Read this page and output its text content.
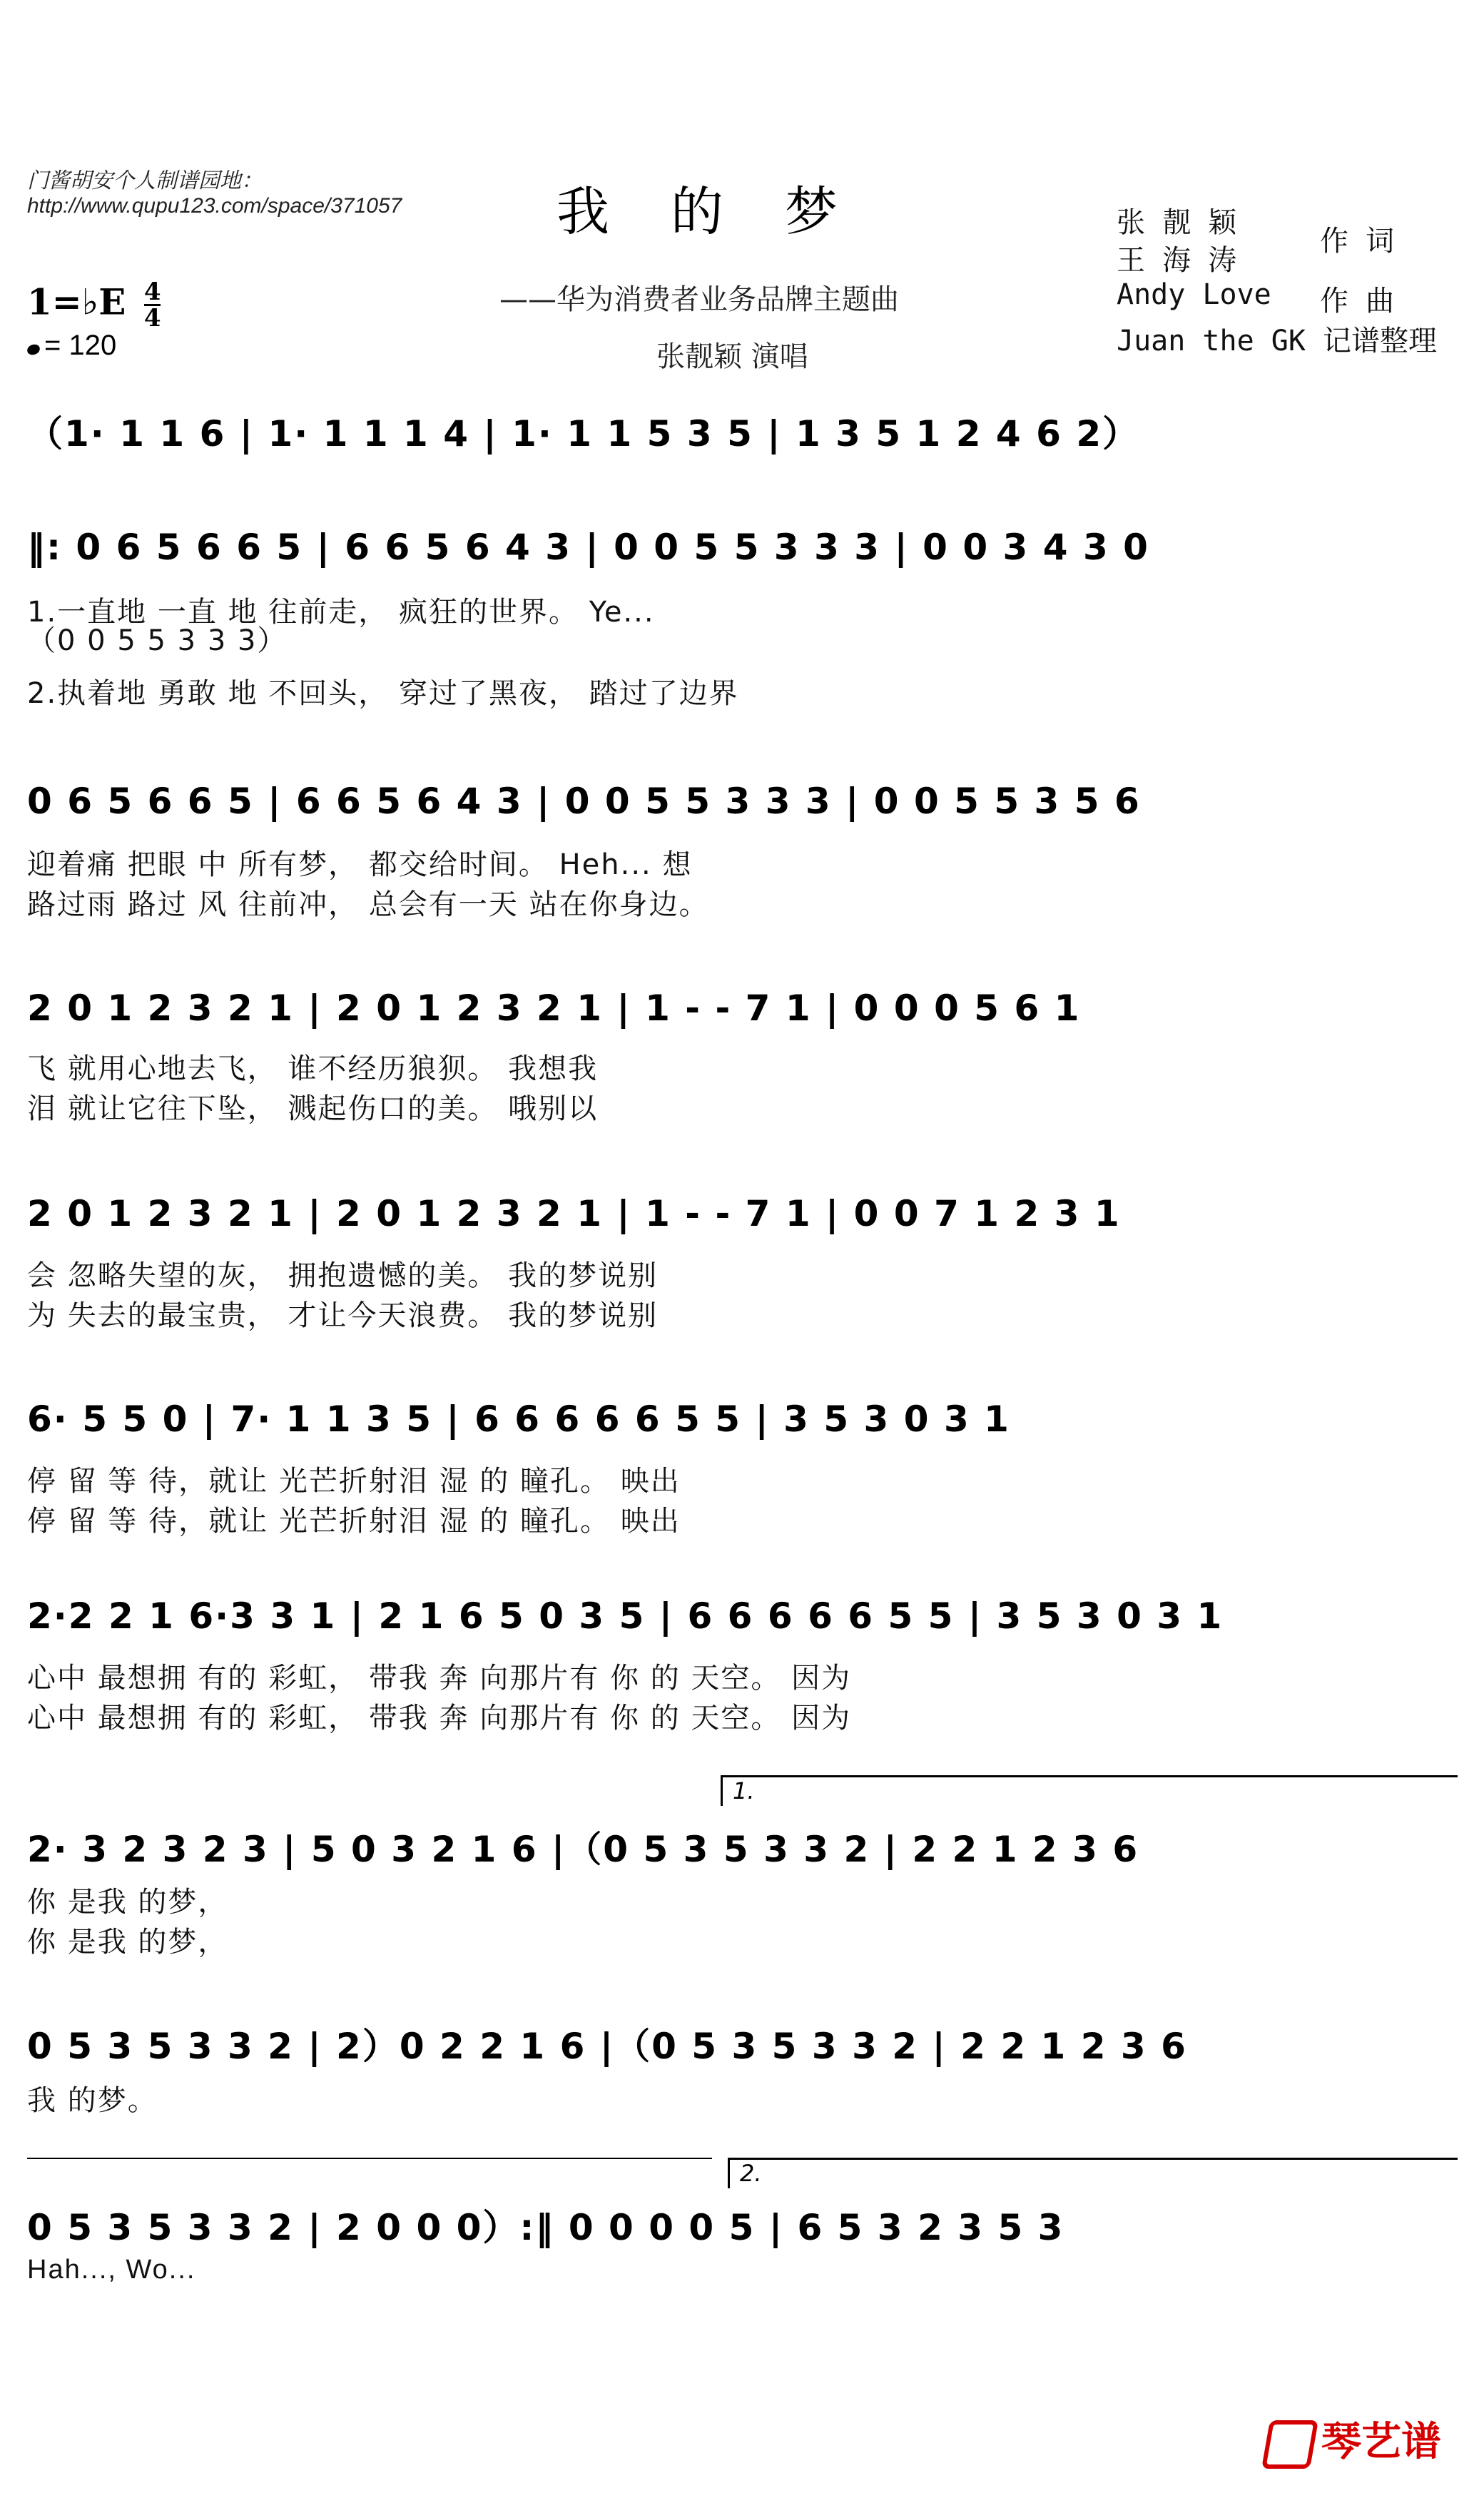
门酱胡安个人制谱园地：
http://www.qupu123.com/space/371057	我的梦
——华为消费者业务品牌主题曲
张靓颖 演唱
张 靓 颖
王 海 涛
作 词
Andy Love 作 曲
Juan the GK 记谱整理
1=♭E $\frac{4}{4}$
= 120
（1· 1 1 6 | 1· 1 1 1 4 | 1· 1 1 5 3 5 | 1 3 5 1 2 4 6 2）
‖: 0 6 5 6 6 5 | 6 6 5 6 4 3 | 0 0 5 5 3 3 3 | 0 0 3 4 3 0
1.一直地 一直 地 往前走， 疯狂的世界。 Ye...
（0 0 5 5 3 3 3）
2.执着地 勇敢 地 不回头， 穿过了黑夜， 踏过了边界
0 6 5 6 6 5 | 6 6 5 6 4 3 | 0 0 5 5 3 3 3 | 0 0 5 5 3 5 6
迎着痛 把眼 中 所有梦， 都交给时间。 Heh... 想
路过雨 路过 风 往前冲， 总会有一天 站在你身边。
2 0 1 2 3 2 1 | 2 0 1 2 3 2 1 | 1 - - 7 1 | 0 0 0 5 6 1
飞 就用心地去飞， 谁不经历狼狈。 我想我
泪 就让它往下坠， 溅起伤口的美。 哦别以
2 0 1 2 3 2 1 | 2 0 1 2 3 2 1 | 1 - - 7 1 | 0 0 7 1 2 3 1
会 忽略失望的灰， 拥抱遗憾的美。 我的梦说别
为 失去的最宝贵， 才让今天浪费。 我的梦说别
6· 5 5 0 | 7· 1 1 3 5 | 6 6 6 6 6 5 5 | 3 5 3 0 3 1
停 留 等 待，就让 光芒折射泪 湿 的 瞳孔。 映出
停 留 等 待，就让 光芒折射泪 湿 的 瞳孔。 映出
2·2 2 1 6·3 3 1 | 2 1 6 5 0 3 5 | 6 6 6 6 6 5 5 | 3 5 3 0 3 1
心中 最想拥 有的 彩虹， 带我 奔 向那片有 你 的 天空。 因为
心中 最想拥 有的 彩虹， 带我 奔 向那片有 你 的 天空。 因为
1.
2· 3 2 3 2 3 | 5 0 3 2 1 6 |（0 5 3 5 3 3 2 | 2 2 1 2 3 6
你 是我 的梦，
你 是我 的梦，
0 5 3 5 3 3 2 | 2）0 2 2 1 6 |（0 5 3 5 3 3 2 | 2 2 1 2 3 6
我 的梦。
2.
0 5 3 5 3 3 2 | 2 0 0 0）:‖ 0 0 0 0 5 | 6 5 3 2 3 5 3
Hah..., Wo...
琴艺谱
